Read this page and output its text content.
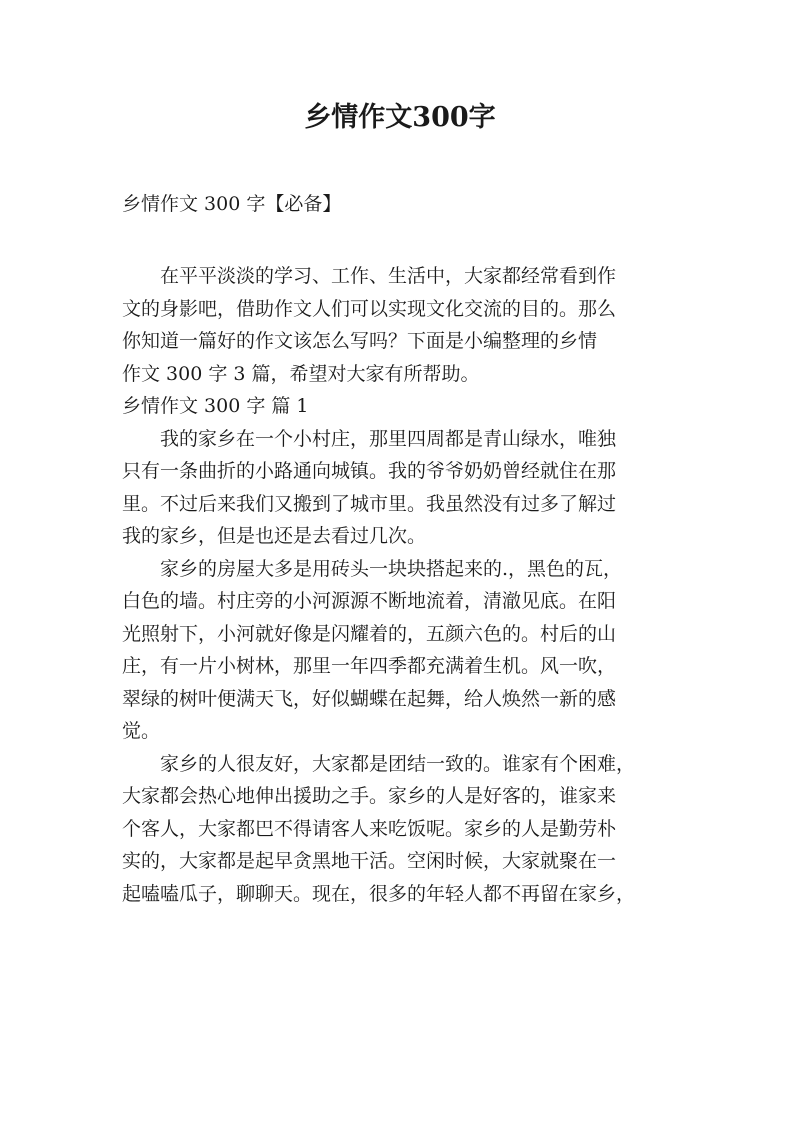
乡情作文300字
乡情作文 300 字【必备】

在平平淡淡的学习、工作、生活中，大家都经常看到作
文的身影吧，借助作文人们可以实现文化交流的目的。那么
你知道一篇好的作文该怎么写吗？下面是小编整理的乡情
作文 300 字 3 篇，希望对大家有所帮助。

乡情作文 300 字 篇 1

我的家乡在一个小村庄，那里四周都是青山绿水，唯独
只有一条曲折的小路通向城镇。我的爷爷奶奶曾经就住在那
里。不过后来我们又搬到了城市里。我虽然没有过多了解过
我的家乡，但是也还是去看过几次。

家乡的房屋大多是用砖头一块块搭起来的.，黑色的瓦，
白色的墙。村庄旁的小河源源不断地流着，清澈见底。在阳
光照射下，小河就好像是闪耀着的，五颜六色的。村后的山
庄，有一片小树林，那里一年四季都充满着生机。风一吹，
翠绿的树叶便满天飞，好似蝴蝶在起舞，给人焕然一新的感
觉。

家乡的人很友好，大家都是团结一致的。谁家有个困难，
大家都会热心地伸出援助之手。家乡的人是好客的，谁家来
个客人，大家都巴不得请客人来吃饭呢。家乡的人是勤劳朴
实的，大家都是起早贪黑地干活。空闲时候，大家就聚在一
起嗑嗑瓜子，聊聊天。现在，很多的年轻人都不再留在家乡，
